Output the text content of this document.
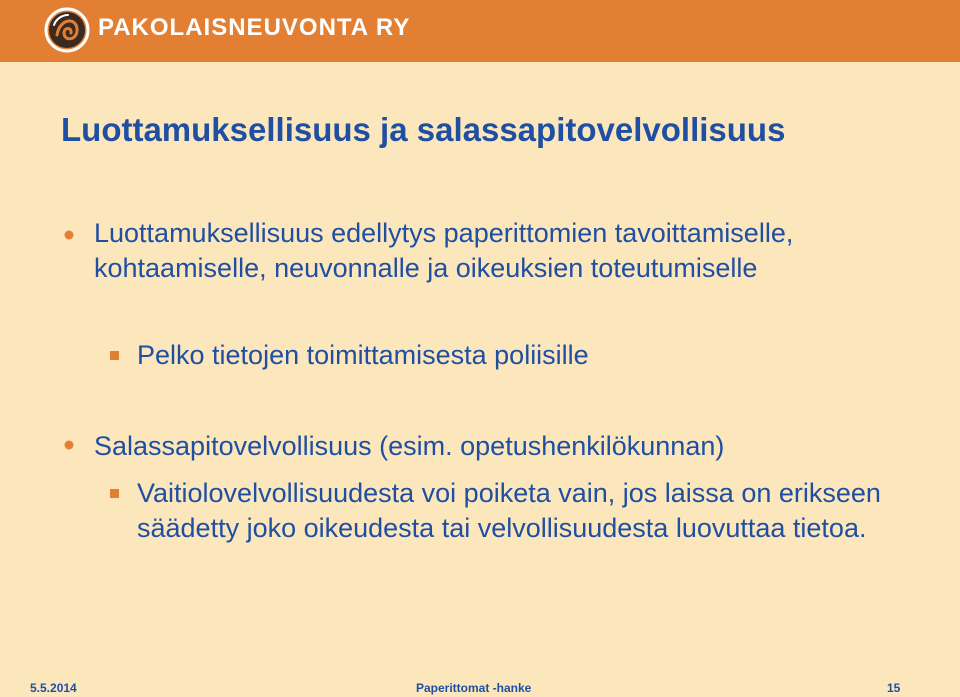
PAKOLAISNEUVONTA RY
Luottamuksellisuus ja salassapitovelvollisuus
Luottamuksellisuus edellytys paperittomien tavoittamiselle, kohtaamiselle, neuvonnalle ja oikeuksien toteutumiselle
Pelko tietojen toimittamisesta poliisille
Salassapitovelvollisuus (esim. opetushenkilökunnan)
Vaitiolovelvollisuudesta voi poiketa vain, jos laissa on erikseen säädetty joko oikeudesta tai velvollisuudesta luovuttaa tietoa.
5.5.2014	Paperittomat -hanke	15
